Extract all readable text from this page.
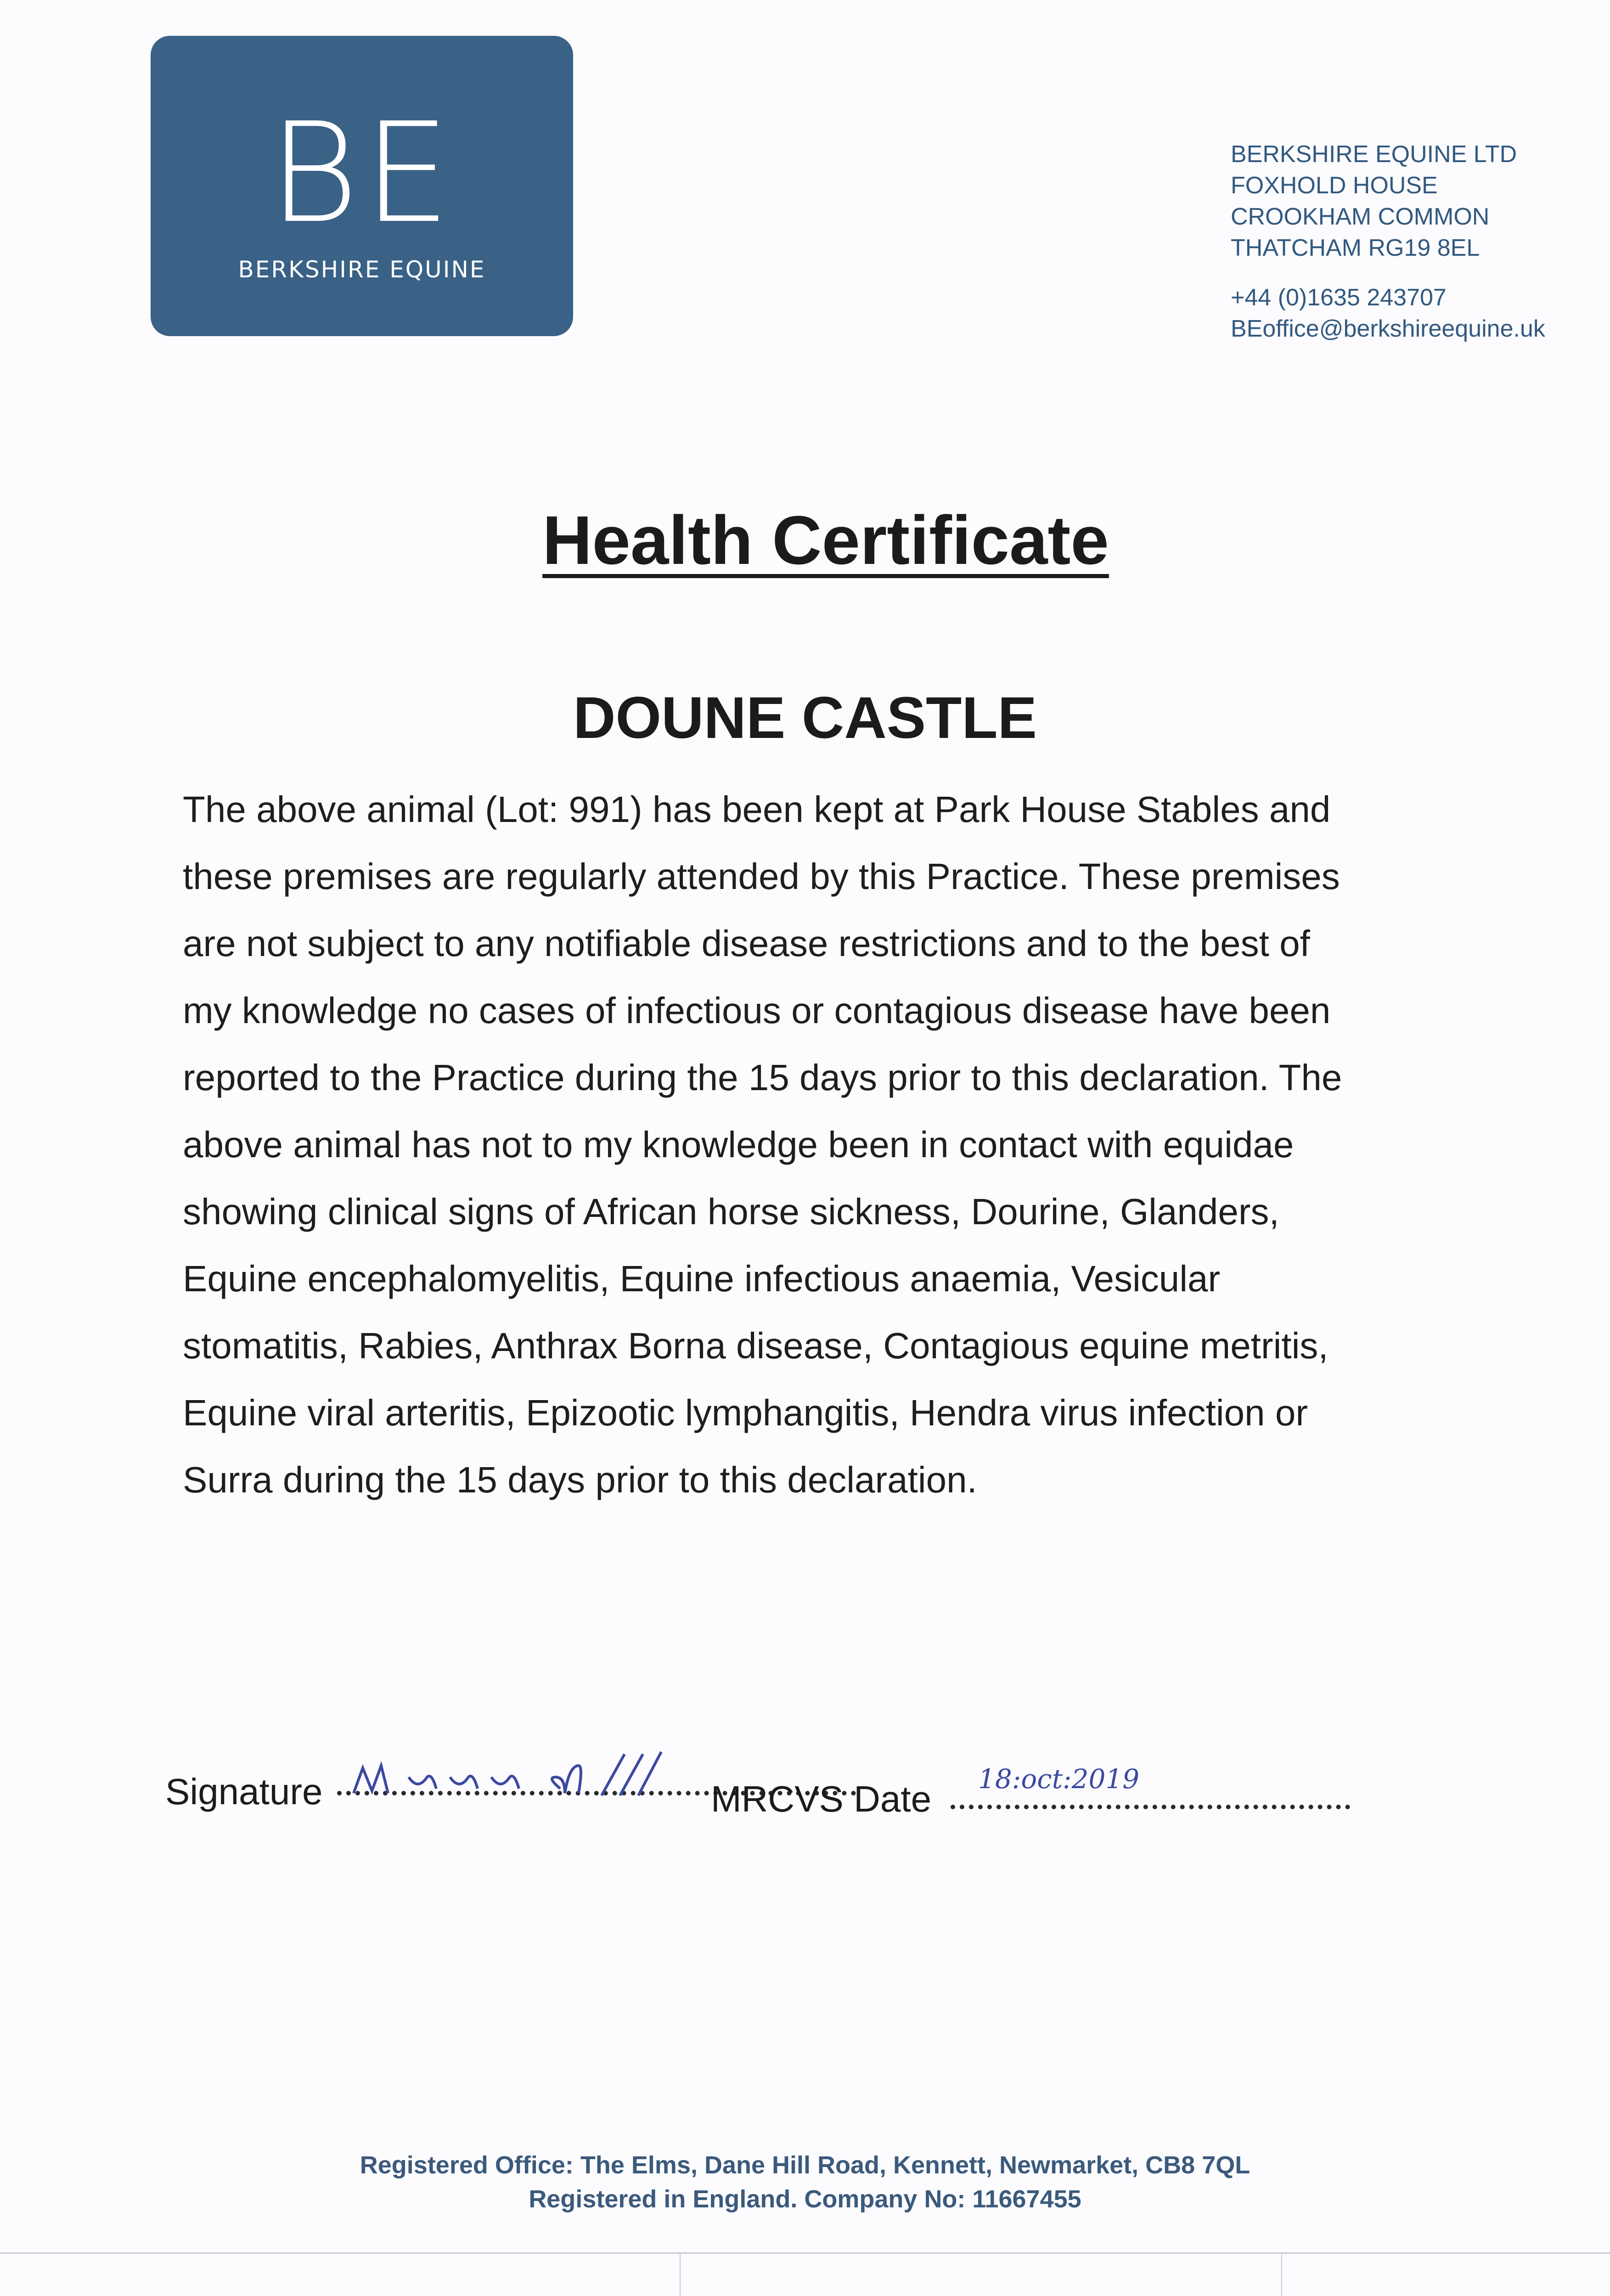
BE
BERKSHIRE EQUINE
BERKSHIRE EQUINE LTD
FOXHOLD HOUSE
CROOKHAM COMMON
THATCHAM RG19 8EL
+44 (0)1635 243707
BEoffice@berkshireequine.uk
Health Certificate
DOUNE CASTLE
The above animal (Lot: 991) has been kept at Park House Stables and
these premises are regularly attended by this Practice. These premises
are not subject to any notifiable disease restrictions and to the best of
my knowledge no cases of infectious or contagious disease have been
reported to the Practice during the 15 days prior to this declaration. The
above animal has not to my knowledge been in contact with equidae
showing clinical signs of African horse sickness, Dourine, Glanders,
Equine encephalomyelitis, Equine infectious anaemia, Vesicular
stomatitis, Rabies, Anthrax Borna disease, Contagious equine metritis,
Equine viral arteritis, Epizootic lymphangitis, Hendra virus infection or
Surra during the 15 days prior to this declaration.
Signature	MRCVS Date 18:oct:2019
Registered Office: The Elms, Dane Hill Road, Kennett, Newmarket, CB8 7QL
Registered in England. Company No: 11667455
